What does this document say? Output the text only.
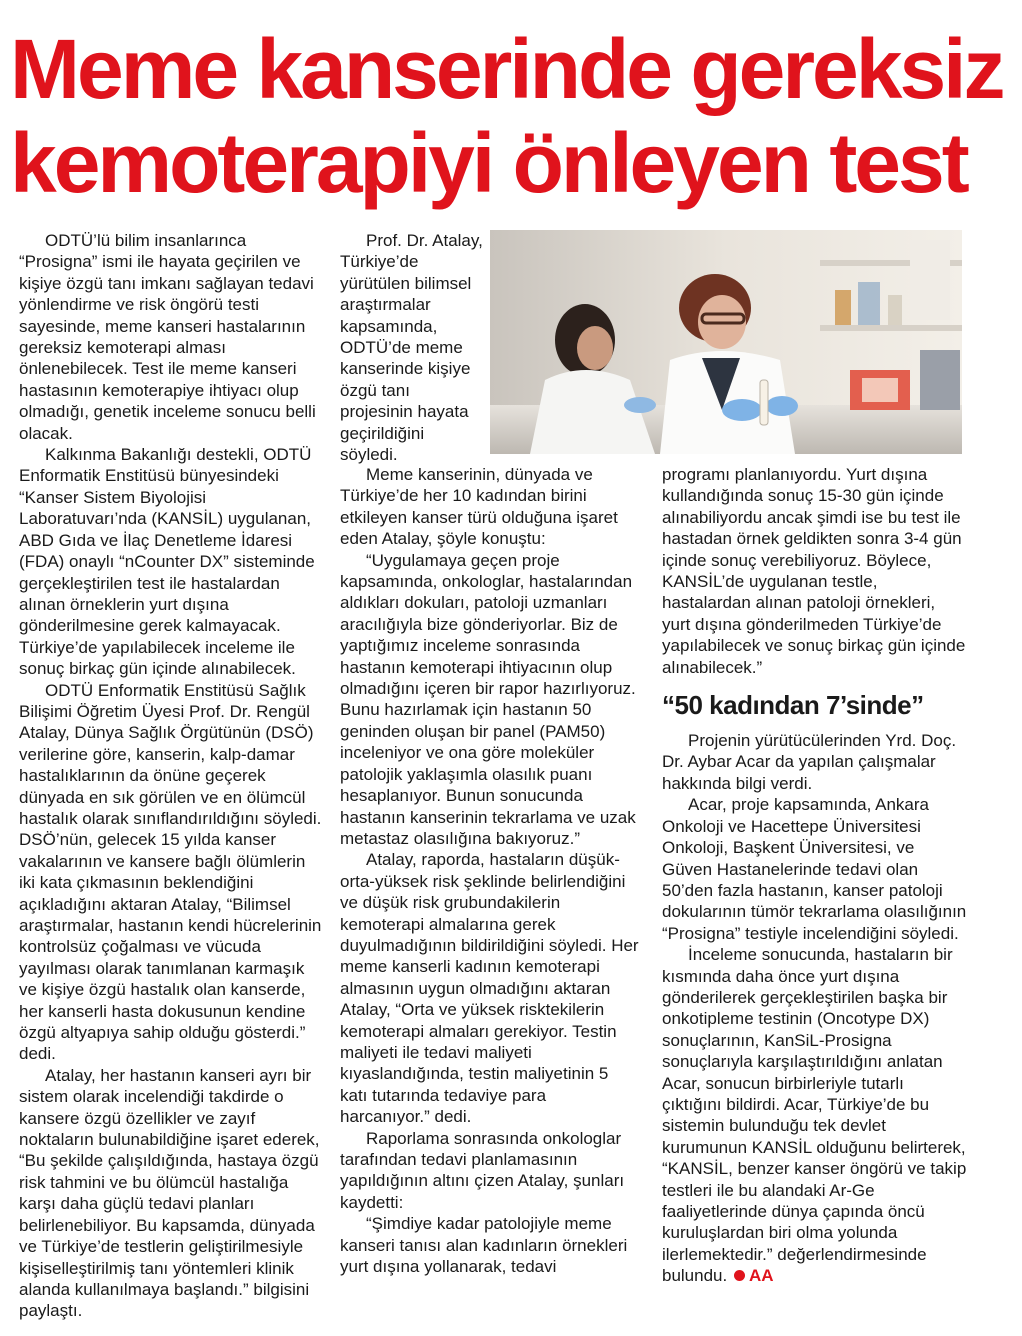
Meme kanserinde gereksiz
kemoterapiyi önleyen test

ODTÜ’lü bilim insanlarınca “Prosigna” ismi ile hayata geçirilen ve kişiye özgü tanı imkanı sağlayan tedavi yönlendirme ve risk öngörü testi sayesinde, meme kanseri hastalarının gereksiz kemoterapi alması önlenebilecek. Test ile meme kanseri hastasının kemoterapiye ihtiyacı olup olmadığı, genetik inceleme sonucu belli olacak.

Kalkınma Bakanlığı destekli, ODTÜ Enformatik Enstitüsü bünyesindeki “Kanser Sistem Biyolojisi Laboratuvarı’nda (KANSİL) uygulanan, ABD Gıda ve İlaç Denetleme İdaresi (FDA) onaylı “nCounter DX” sisteminde gerçekleştirilen test ile hastalardan alınan örneklerin yurt dışına gönderilmesine gerek kalmayacak. Türkiye’de yapılabilecek inceleme ile sonuç birkaç gün içinde alınabilecek.

ODTÜ Enformatik Enstitüsü Sağlık Bilişimi Öğretim Üyesi Prof. Dr. Rengül Atalay, Dünya Sağlık Örgütünün (DSÖ) verilerine göre, kanserin, kalp-damar hastalıklarının da önüne geçerek dünyada en sık görülen ve en ölümcül hastalık olarak sınıflandırıldığını söyledi. DSÖ’nün, gelecek 15 yılda kanser vakalarının ve kansere bağlı ölümlerin iki kata çıkmasının beklendiğini açıkladığını aktaran Atalay, “Bilimsel araştırmalar, hastanın kendi hücrelerinin kontrolsüz çoğalması ve vücuda yayılması olarak tanımlanan karmaşık ve kişiye özgü hastalık olan kanserde, her kanserli hasta dokusunun kendine özgü altyapıya sahip olduğu gösterdi.” dedi.

Atalay, her hastanın kanseri ayrı bir sistem olarak incelendiği takdirde o kansere özgü özellikler ve zayıf noktaların bulunabildiğine işaret ederek, “Bu şekilde çalışıldığında, hastaya özgü risk tahmini ve bu ölümcül hastalığa karşı daha güçlü tedavi planları belirlenebiliyor. Bu kapsamda, dünyada ve Türkiye’de testlerin geliştirilmesiyle kişiselleştirilmiş tanı yöntemleri klinik alanda kullanılmaya başlandı.” bilgisini paylaştı.

Prof. Dr. Atalay, Türkiye’de yürütülen bilimsel araştırmalar kapsamında, ODTÜ’de meme kanserinde kişiye özgü tanı projesinin hayata geçirildiğini söyledi.

Meme kanserinin, dünyada ve Türkiye’de her 10 kadından birini etkileyen kanser türü olduğuna işaret eden Atalay, şöyle konuştu:

“Uygulamaya geçen proje kapsamında, onkologlar, hastalarından aldıkları dokuları, patoloji uzmanları aracılığıyla bize gönderiyorlar. Biz de yaptığımız inceleme sonrasında hastanın kemoterapi ihtiyacının olup olmadığını içeren bir rapor hazırlıyoruz. Bunu hazırlamak için hastanın 50 geninden oluşan bir panel (PAM50) inceleniyor ve ona göre moleküler patolojik yaklaşımla olasılık puanı hesaplanıyor. Bunun sonucunda hastanın kanserinin tekrarlama ve uzak metastaz olasılığına bakıyoruz.”

Atalay, raporda, hastaların düşük-orta-yüksek risk şeklinde belirlendiğini ve düşük risk grubundakilerin kemoterapi almalarına gerek duyulmadığının bildirildiğini söyledi. Her meme kanserli kadının kemoterapi almasının uygun olmadığını aktaran Atalay, “Orta ve yüksek risktekilerin kemoterapi almaları gerekiyor. Testin maliyeti ile tedavi maliyeti kıyaslandığında, testin maliyetinin 5 katı tutarında tedaviye para harcanıyor.” dedi.

Raporlama sonrasında onkologlar tarafından tedavi planlamasının yapıldığının altını çizen Atalay, şunları kaydetti:

“Şimdiye kadar patolojiyle meme kanseri tanısı alan kadınların örnekleri yurt dışına yollanarak, tedavi

programı planlanıyordu. Yurt dışına kullandığında sonuç 15-30 gün içinde alınabiliyordu ancak şimdi ise bu test ile hastadan örnek geldikten sonra 3-4 gün içinde sonuç verebiliyoruz. Böylece, KANSİL’de uygulanan testle, hastalardan alınan patoloji örnekleri, yurt dışına gönderilmeden Türkiye’de yapılabilecek ve sonuç birkaç gün içinde alınabilecek.”

“50 kadından 7’sinde”

Projenin yürütücülerinden Yrd. Doç. Dr. Aybar Acar da yapılan çalışmalar hakkında bilgi verdi.

Acar, proje kapsamında, Ankara Onkoloji ve Hacettepe Üniversitesi Onkoloji, Başkent Üniversitesi, ve Güven Hastanelerinde tedavi olan 50’den fazla hastanın, kanser patoloji dokularının tümör tekrarlama olasılığının “Prosigna” testiyle incelendiğini söyledi.

İnceleme sonucunda, hastaların bir kısmında daha önce yurt dışına gönderilerek gerçekleştirilen başka bir onkotipleme testinin (Oncotype DX) sonuçlarının, KanSiL-Prosigna sonuçlarıyla karşılaştırıldığını anlatan Acar, sonucun birbirleriyle tutarlı çıktığını bildirdi. Acar, Türkiye’de bu sistemin bulunduğu tek devlet kurumunun KANSİL olduğunu belirterek, “KANSİL, benzer kanser öngörü ve takip testleri ile bu alandaki Ar-Ge faaliyetlerinde dünya çapında öncü kuruluşlardan biri olma yolunda ilerlemektedir.” değerlendirmesinde bulundu. AA
